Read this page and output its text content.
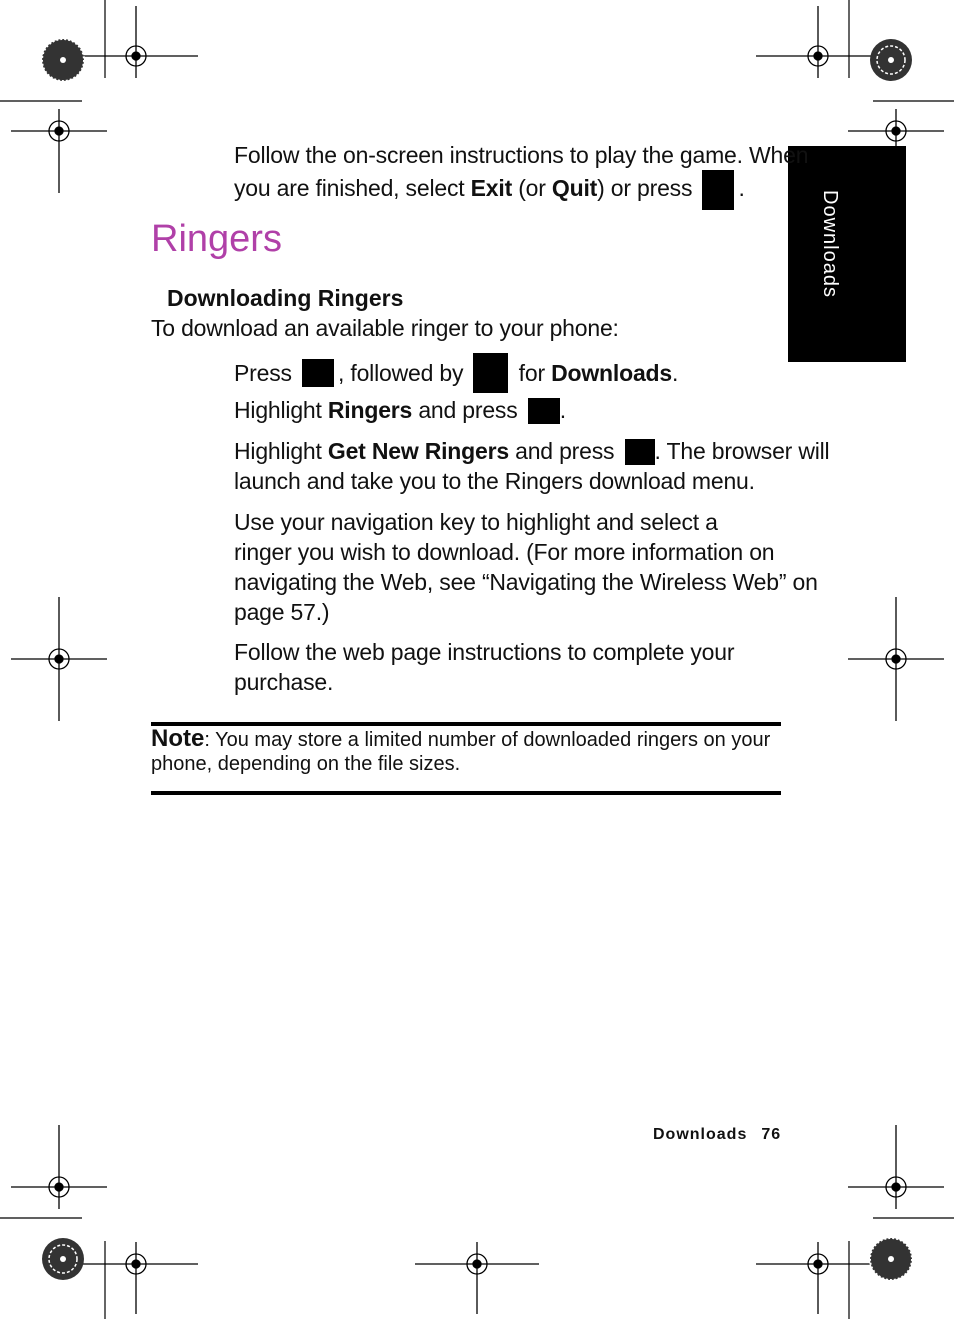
Downloads
Follow the on-screen instructions to play the game. When
you are finished, select Exit (or Quit) or press .
Ringers
Downloading Ringers
To download an available ringer to your phone:
Press , followed by for Downloads.
Highlight Ringers and press .
Highlight Get New Ringers and press . The browser will
launch and take you to the Ringers download menu.
Use your navigation key to highlight and select a
ringer you wish to download. (For more information on
navigating the Web, see “Navigating the Wireless Web” on
page 57.)
Follow the web page instructions to complete your
purchase.
Note: You may store a limited number of downloaded ringers on your
phone, depending on the file sizes.
Downloads 76
